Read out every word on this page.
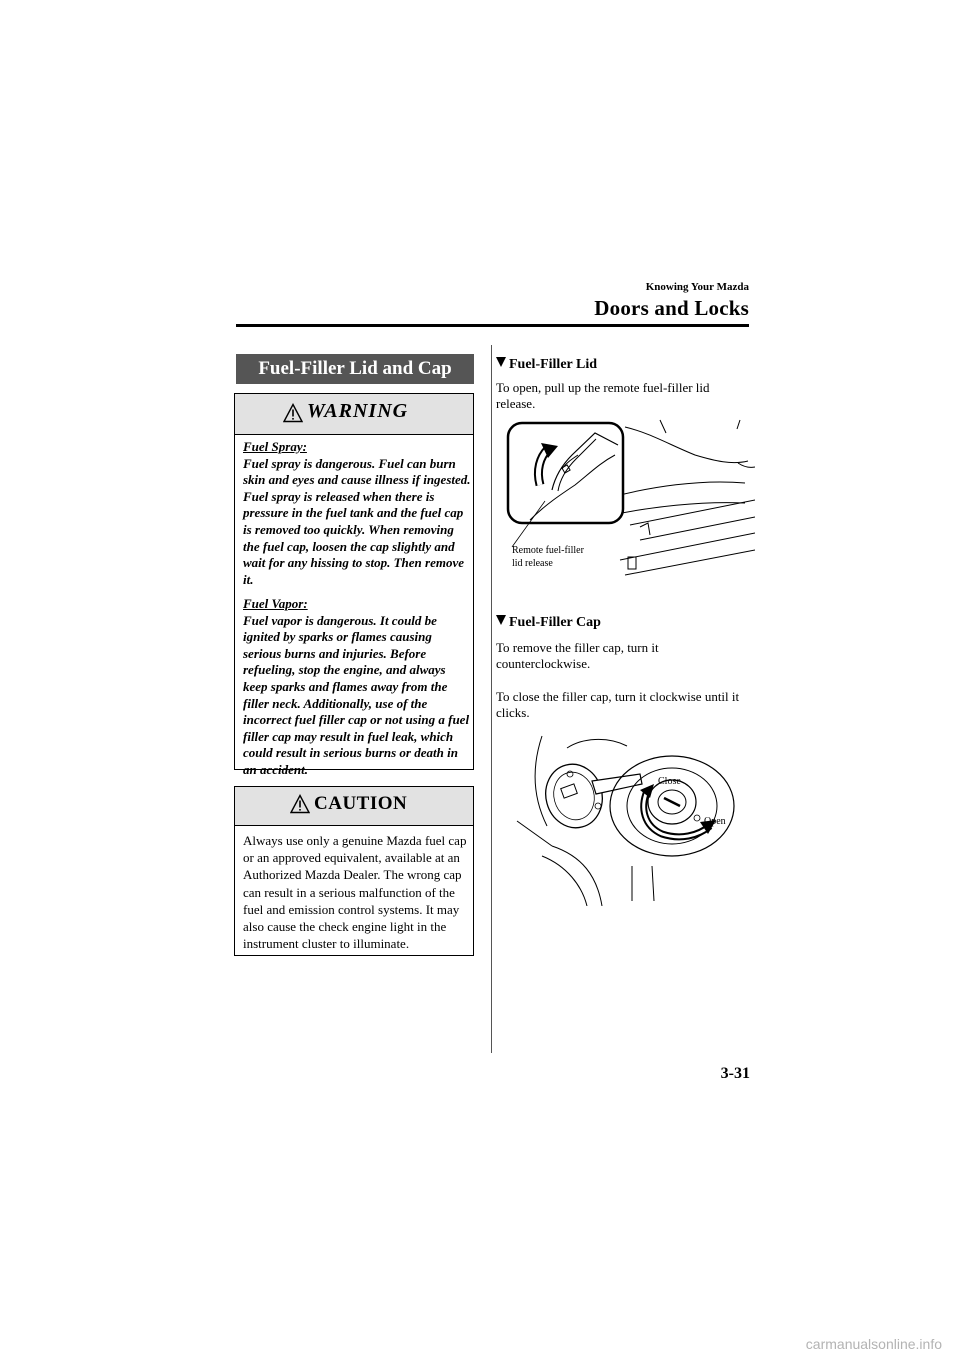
Knowing Your Mazda
Doors and Locks
Fuel-Filler Lid and Cap
WARNING
Fuel Spray:
Fuel spray is dangerous. Fuel can burn skin and eyes and cause illness if ingested. Fuel spray is released when there is pressure in the fuel tank and the fuel cap is removed too quickly. When removing the fuel cap, loosen the cap slightly and wait for any hissing to stop. Then remove it.
Fuel Vapor:
Fuel vapor is dangerous. It could be ignited by sparks or flames causing serious burns and injuries. Before refueling, stop the engine, and always keep sparks and flames away from the filler neck. Additionally, use of the incorrect fuel filler cap or not using a fuel filler cap may result in fuel leak, which could result in serious burns or death in an accident.
CAUTION
Always use only a genuine Mazda fuel cap or an approved equivalent, available at an Authorized Mazda Dealer. The wrong cap can result in a serious malfunction of the fuel and emission control systems. It may also cause the check engine light in the instrument cluster to illuminate.
Fuel-Filler Lid
To open, pull up the remote fuel-filler lid release.
Remote fuel-filler
lid release
Fuel-Filler Cap
To remove the filler cap, turn it counterclockwise.
To close the filler cap, turn it clockwise until it clicks.
Close
Open
3-31
carmanualsonline.info
